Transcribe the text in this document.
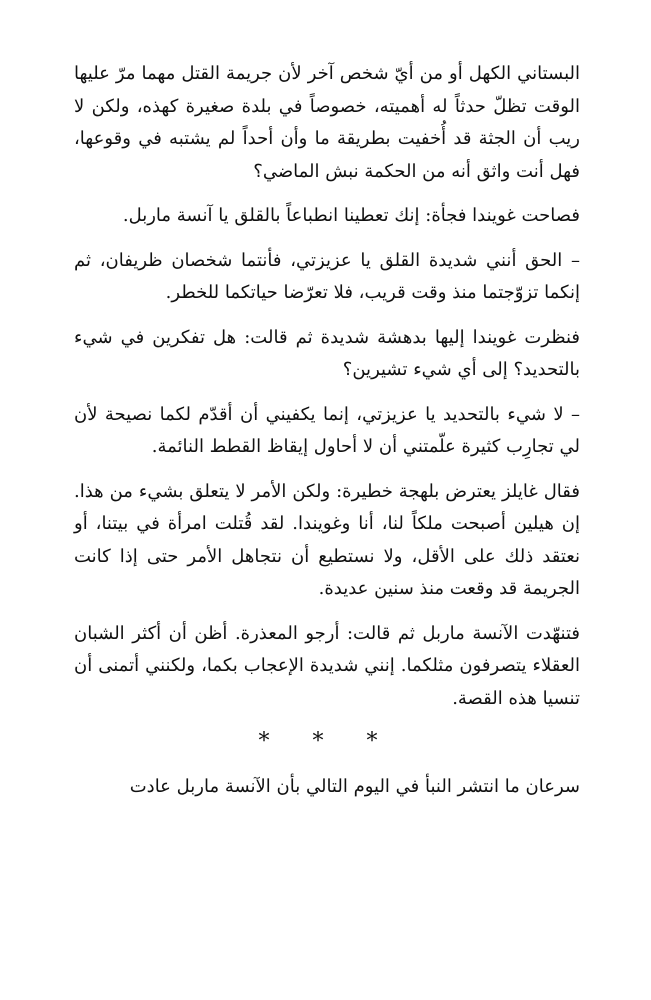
البستاني الكهل أو من أيّ شخص آخر لأن جريمة القتل مهما مرّ عليها الوقت تظلّ حدثاً له أهميته، خصوصاً في بلدة صغيرة كهذه، ولكن لا ريب أن الجثة قد أُخفيت بطريقة ما وأن أحداً لم يشتبه في وقوعها، فهل أنت واثق أنه من الحكمة نبش الماضي؟

فصاحت غويندا فجأة: إنك تعطينا انطباعاً بالقلق يا آنسة ماربل.

– الحق أنني شديدة القلق يا عزيزتي، فأنتما شخصان ظريفان، ثم إنكما تزوّجتما منذ وقت قريب، فلا تعرّضا حياتكما للخطر.

فنظرت غويندا إليها بدهشة شديدة ثم قالت: هل تفكرين في شيء بالتحديد؟ إلى أي شيء تشيرين؟

– لا شيء بالتحديد يا عزيزتي، إنما يكفيني أن أقدّم لكما نصيحة لأن لي تجارِب كثيرة علّمتني أن لا أحاول إيقاظ القطط النائمة.

فقال غايلز يعترض بلهجة خطيرة: ولكن الأمر لا يتعلق بشيء من هذا. إن هيلين أصبحت ملكاً لنا، أنا وغويندا. لقد قُتلت امرأة في بيتنا، أو نعتقد ذلك على الأقل، ولا نستطيع أن نتجاهل الأمر حتى إذا كانت الجريمة قد وقعت منذ سنين عديدة.

فتنهّدت الآنسة ماربل ثم قالت: أرجو المعذرة. أظن أن أكثر الشبان العقلاء يتصرفون مثلكما. إنني شديدة الإعجاب بكما، ولكنني أتمنى أن تنسيا هذه القصة.

* * *

سرعان ما انتشر النبأ في اليوم التالي بأن الآنسة ماربل عادت
